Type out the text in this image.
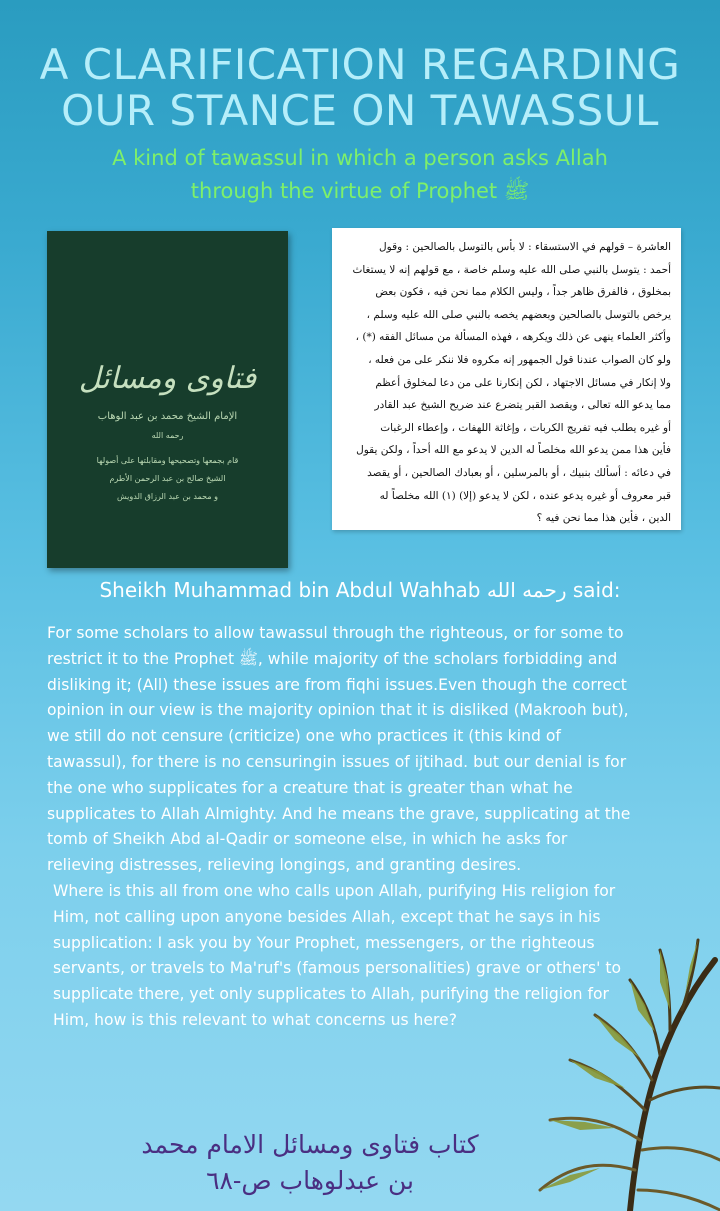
A CLARIFICATION REGARDING
OUR STANCE ON TAWASSUL
A kind of tawassul in which a person asks Allah
through the virtue of Prophet ﷺ
فتاوى ومسائل
الإمام الشيخ محمد بن عبد الوهاب
رحمه الله
قام بجمعها وتصحيحها ومقابلتها على أصولها
الشيخ صالح بن عبد الرحمن الأطرم
و محمد بن عبد الرزاق الدويش
العاشرة – قولهم في الاستسقاء : لا بأس بالتوسل بالصالحين : وقول
أحمد : يتوسل بالنبي صلى الله عليه وسلم خاصة ، مع قولهم إنه لا يستغاث
بمخلوق ، فالفرق ظاهر جداً ، وليس الكلام مما نحن فيه ، فكون بعض
يرخص بالتوسل بالصالحين وبعضهم يخصه بالنبي صلى الله عليه وسلم ،
وأكثر العلماء ينهى عن ذلك ويكرهه ، فهذه المسألة من مسائل الفقه (*) ،
ولو كان الصواب عندنا قول الجمهور إنه مكروه فلا ننكر على من فعله ،
ولا إنكار في مسائل الاجتهاد ، لكن إنكارنا على من دعا لمخلوق أعظم
مما يدعو الله تعالى ، ويقصد القبر يتضرع عند ضريح الشيخ عبد القادر
أو غيره يطلب فيه تفريج الكربات ، وإغاثة اللهفات ، وإعطاء الرغبات
فأين هذا ممن يدعو الله مخلصاً له الدين لا يدعو مع الله أحداً ، ولكن يقول
في دعائه : أسألك بنبيك ، أو بالمرسلين ، أو بعبادك الصالحين ، أو يقصد
قبر معروف أو غيره يدعو عنده ، لكن لا يدعو (إلا) (١) الله مخلصاً له
الدين ، فأين هذا مما نحن فيه ؟
Sheikh Muhammad bin Abdul Wahhab رحمه الله said:

For some scholars to allow tawassul through the righteous, or for some to restrict it to the Prophet ﷺ, while majority of the scholars forbidding and disliking it; (All) these issues are from fiqhi issues.Even though the correct opinion in our view is the majority opinion that it is disliked (Makrooh but), we still do not censure (criticize) one who practices it (this kind of tawassul), for there is no censuringin issues of ijtihad. but our denial is for the one who supplicates for a creature that is greater than what he supplicates to Allah Almighty. And he means the grave, supplicating at the tomb of Sheikh Abd al-Qadir or someone else, in which he asks for relieving distresses, relieving longings, and granting desires.

Where is this all from one who calls upon Allah, purifying His religion for Him, not calling upon anyone besides Allah, except that he says in his supplication: I ask you by Your Prophet, messengers, or the righteous servants, or travels to Ma'ruf's (famous personalities) grave or others' to supplicate there, yet only supplicates to Allah, purifying the religion for Him, how is this relevant to what concerns us here?

كتاب فتاوى ومسائل الامام محمد
بن عبدلوهاب ص-٦٨
